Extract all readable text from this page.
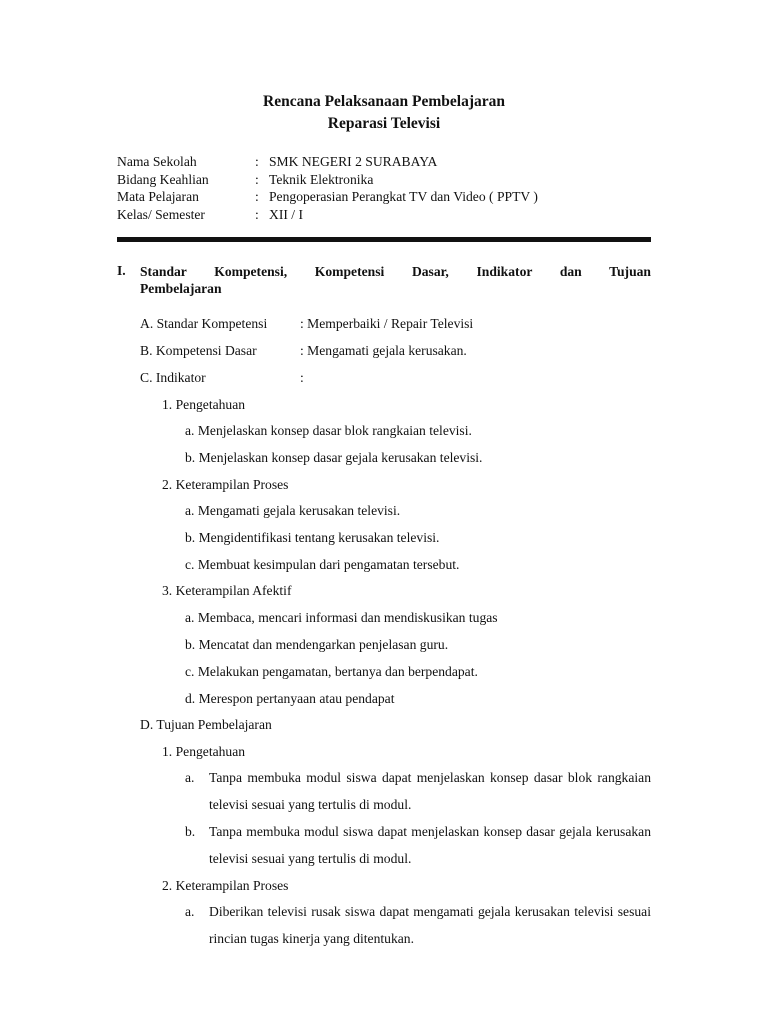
Rencana Pelaksanaan Pembelajaran
Reparasi Televisi
Nama Sekolah	: SMK NEGERI 2 SURABAYA
Bidang Keahlian	: Teknik Elektronika
Mata Pelajaran	: Pengoperasian Perangkat TV dan Video ( PPTV )
Kelas/ Semester	: XII / I
I. Standar Kompetensi, Kompetensi Dasar, Indikator dan Tujuan
Pembelajaran
A. Standar Kompetensi : Memperbaiki / Repair Televisi
B. Kompetensi Dasar	: Mengamati gejala kerusakan.
C. Indikator	:
1. Pengetahuan
a. Menjelaskan konsep dasar blok rangkaian televisi.
b. Menjelaskan konsep dasar gejala kerusakan televisi.
2. Keterampilan Proses
a. Mengamati gejala kerusakan televisi.
b. Mengidentifikasi tentang kerusakan televisi.
c. Membuat kesimpulan dari pengamatan tersebut.
3. Keterampilan Afektif
a. Membaca, mencari informasi dan mendiskusikan tugas
b. Mencatat dan mendengarkan penjelasan guru.
c. Melakukan pengamatan, bertanya dan berpendapat.
d. Merespon pertanyaan atau pendapat
D. Tujuan Pembelajaran
1. Pengetahuan
a. Tanpa membuka modul siswa dapat menjelaskan konsep dasar blok rangkaian televisi sesuai yang tertulis di modul.
b. Tanpa membuka modul siswa dapat menjelaskan konsep dasar gejala kerusakan televisi sesuai yang tertulis di modul.
2. Keterampilan Proses
a. Diberikan televisi rusak siswa dapat mengamati gejala kerusakan televisi sesuai rincian tugas kinerja yang ditentukan.
